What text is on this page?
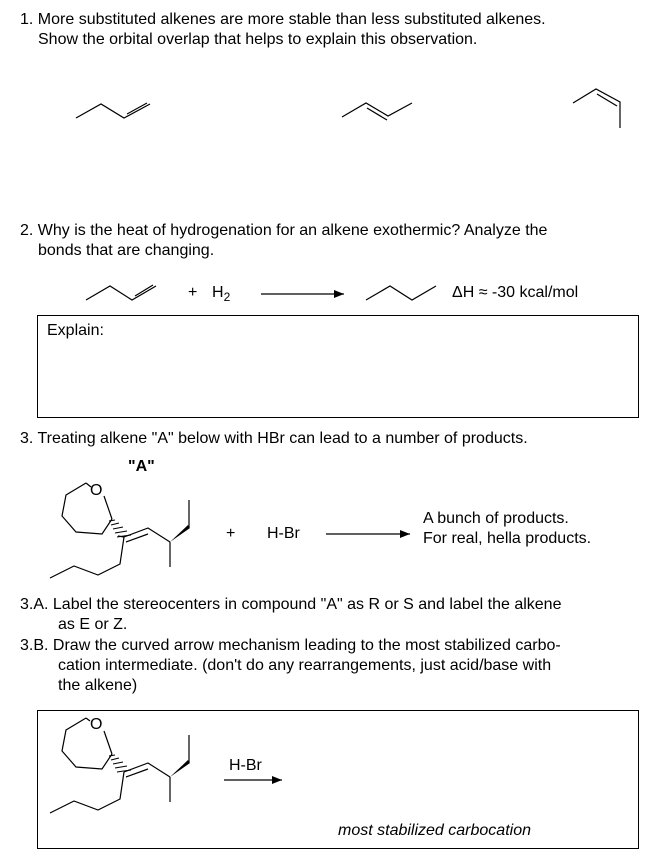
1. More substituted alkenes are more stable than less substituted alkenes.
Show the orbital overlap that helps to explain this observation.
2. Why is the heat of hydrogenation for an alkene exothermic? Analyze the
bonds that are changing.
+ $H_2$	ΔH ≈ -30 kcal/mol
Explain:
3. Treating alkene "A" below with HBr can lead to a number of products.
"A"
O
+ H-Br
A bunch of products.
For real, hella products.
3.A. Label the stereocenters in compound "A" as R or S and label the alkene
as E or Z.
3.B. Draw the curved arrow mechanism leading to the most stabilized carbo-
cation intermediate. (don't do any rearrangements, just acid/base with
the alkene)
O
H-Br
most stabilized carbocation
